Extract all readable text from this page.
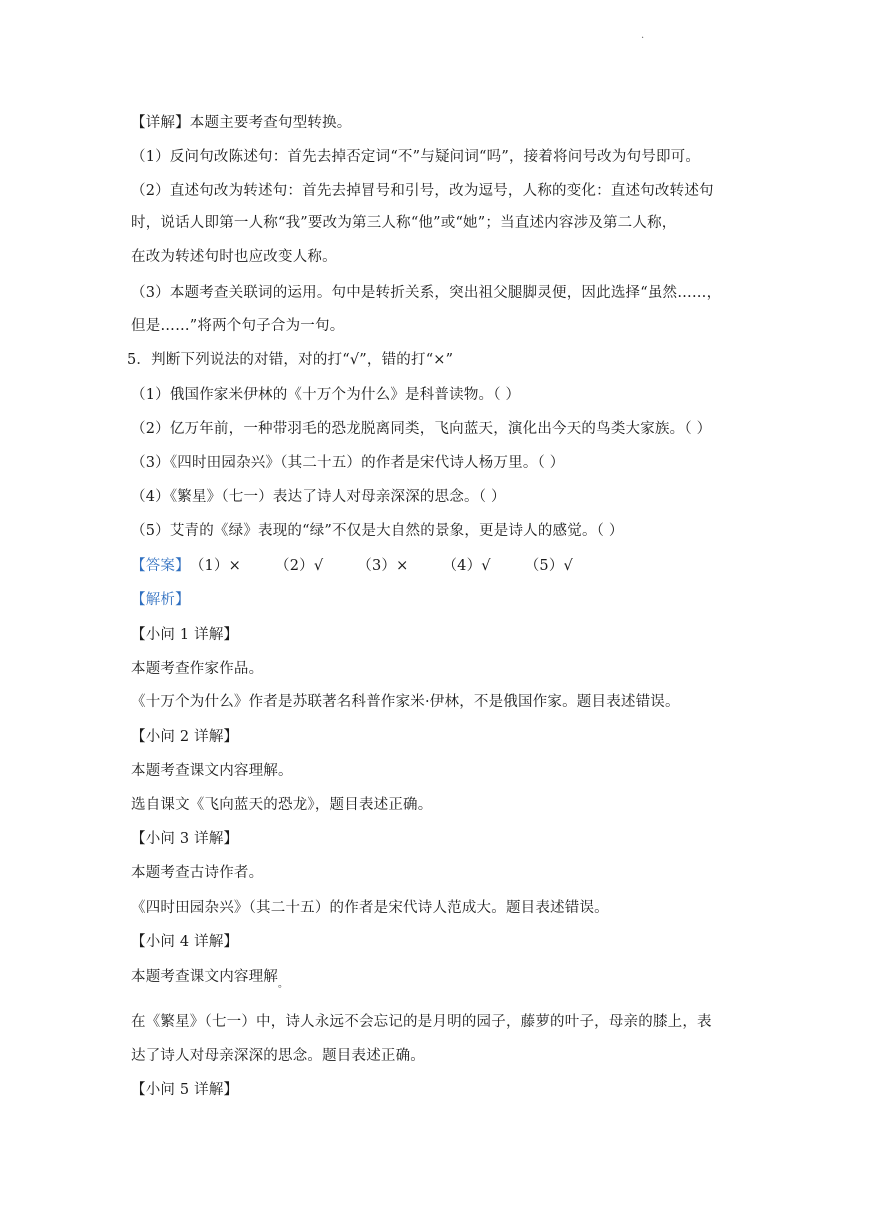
.
【详解】本题主要考查句型转换。
（1）反问句改陈述句：首先去掉否定词“不”与疑问词“吗”，接着将问号改为句号即可。
（2）直述句改为转述句：首先去掉冒号和引号，改为逗号，人称的变化：直述句改转述句
时，说话人即第一人称“我”要改为第三人称“他”或“她”；当直述内容涉及第二人称，
在改为转述句时也应改变人称。
（3）本题考查关联词的运用。句中是转折关系，突出祖父腿脚灵便，因此选择“虽然……，
但是……”将两个句子合为一句。
5．判断下列说法的对错，对的打“√”，错的打“×”
（1）俄国作家米伊林的《十万个为什么》是科普读物。（ ）
（2）亿万年前，一种带羽毛的恐龙脱离同类，飞向蓝天，演化出今天的鸟类大家族。（ ）
（3）《四时田园杂兴》（其二十五）的作者是宋代诗人杨万里。（ ）
（4）《繁星》（七一）表达了诗人对母亲深深的思念。（ ）
（5）艾青的《绿》表现的“绿”不仅是大自然的景象，更是诗人的感觉。（ ）
【答案】（1）× （2）√ （3）× （4）√ （5）√
【解析】
【小问 1 详解】
本题考查作家作品。
《十万个为什么》作者是苏联著名科普作家米·伊林，不是俄国作家。题目表述错误。
【小问 2 详解】
本题考查课文内容理解。
选自课文《飞向蓝天的恐龙》，题目表述正确。
【小问 3 详解】
本题考查古诗作者。
《四时田园杂兴》（其二十五）的作者是宋代诗人范成大。题目表述错误。
【小问 4 详解】
本题考查课文内容理解$_。$
在《繁星》（七一）中，诗人永远不会忘记的是月明的园子，藤萝的叶子，母亲的膝上，表
达了诗人对母亲深深的思念。题目表述正确。
【小问 5 详解】
